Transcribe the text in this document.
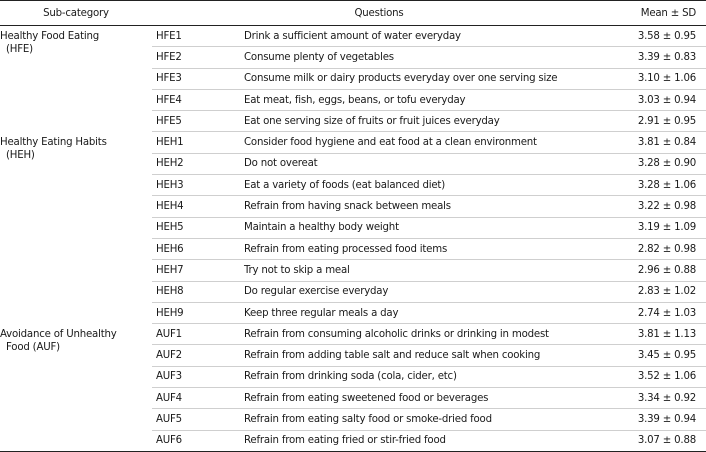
Sub-category	Questions		Mean ± SD

Healthy Food Eating
(HFE)	HFE1	Drink a sufficient amount of water everyday	3.58 ± 0.95
	HFE2	Consume plenty of vegetables	3.39 ± 0.83
	HFE3	Consume milk or dairy products everyday over one serving size	3.10 ± 1.06
	HFE4	Eat meat, fish, eggs, beans, or tofu everyday	3.03 ± 0.94
	HFE5	Eat one serving size of fruits or fruit juices everyday	2.91 ± 0.95

Healthy Eating Habits
(HEH)	HEH1	Consider food hygiene and eat food at a clean environment	3.81 ± 0.84
	HEH2	Do not overeat	3.28 ± 0.90
	HEH3	Eat a variety of foods (eat balanced diet)	3.28 ± 1.06
	HEH4	Refrain from having snack between meals	3.22 ± 0.98
	HEH5	Maintain a healthy body weight	3.19 ± 1.09
	HEH6	Refrain from eating processed food items	2.82 ± 0.98
	HEH7	Try not to skip a meal	2.96 ± 0.88
	HEH8	Do regular exercise everyday	2.83 ± 1.02
	HEH9	Keep three regular meals a day	2.74 ± 1.03

Avoidance of Unhealthy
Food (AUF)	AUF1	Refrain from consuming alcoholic drinks or drinking in modest	3.81 ± 1.13
	AUF2	Refrain from adding table salt and reduce salt when cooking	3.45 ± 0.95
	AUF3	Refrain from drinking soda (cola, cider, etc)	3.52 ± 1.06
	AUF4	Refrain from eating sweetened food or beverages	3.34 ± 0.92
	AUF5	Refrain from eating salty food or smoke-dried food	3.39 ± 0.94
	AUF6	Refrain from eating fried or stir-fried food	3.07 ± 0.88
